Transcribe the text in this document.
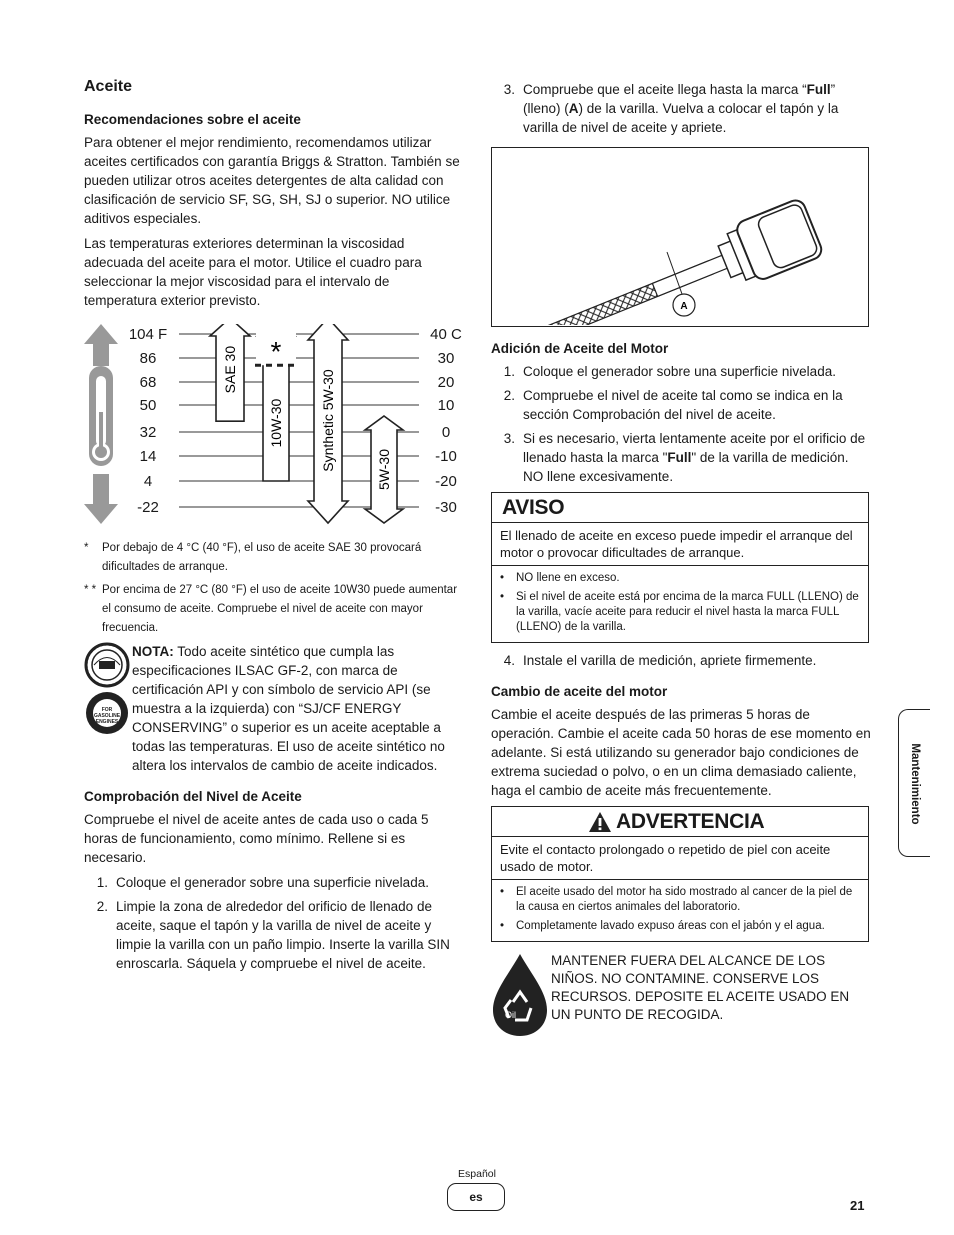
Aceite
Recomendaciones sobre el aceite

Para obtener el mejor rendimiento, recomendamos utilizar aceites certificados con garantía Briggs & Stratton. También se pueden utilizar otros aceites detergentes de alta calidad con clasificación de servicio SF, SG, SH, SJ o superior. NO utilice aditivos especiales.

Las temperaturas exteriores determinan la viscosidad adecuada del aceite para el motor. Utilice el cuadro para seleccionar la mejor viscosidad para el intervalo de temperatura exterior previsto.

104 F
86
68
50
32
14
4
-22
40 C
30
20
10
0
-10
-20
-30
SAE 30 *
10W-30	Synthetic 5W-30	5W-30
*	Por debajo de 4 °C (40 °F), el uso de aceite SAE 30 provocará dificultades de arranque.
* * Por encima de 27 °C (80 °F) el uso de aceite 10W30 puede aumentar el consumo de aceite. Compruebe el nivel de aceite con mayor frecuencia.
FOR
GASOLINE
ENGINES
NOTA: Todo aceite sintético que cumpla las especificaciones ILSAC GF-2, con marca de certificación API y con símbolo de servicio API (se muestra a la izquierda) con “SJ/CF ENERGY CONSERVING” o superior es un aceite aceptable a todas las temperaturas. El uso de aceite sintético no altera los intervalos de cambio de aceite indicados.
Comprobación del Nivel de Aceite

Compruebe el nivel de aceite antes de cada uso o cada 5 horas de funcionamiento, como mínimo. Rellene si es necesario.

1. Coloque el generador sobre una superficie nivelada.
2. Limpie la zona de alrededor del orificio de llenado de aceite, saque el tapón y la varilla de nivel de aceite y limpie la varilla con un paño limpio. Inserte la varilla SIN enroscarla. Sáquela y compruebe el nivel de aceite.
3. Compruebe que el aceite llega hasta la marca “Full” (lleno) (A) de la varilla. Vuelva a colocar el tapón y la varilla de nivel de aceite y apriete.
A
Adición de Aceite del Motor
1. Coloque el generador sobre una superficie nivelada.
2. Compruebe el nivel de aceite tal como se indica en la sección Comprobación del nivel de aceite.
3. Si es necesario, vierta lentamente aceite por el orificio de llenado hasta la marca "Full" de la varilla de medición. NO llene excesivamente.
AVISO
El llenado de aceite en exceso puede impedir el arranque del motor o provocar dificultades de arranque.
•	NO llene en exceso.
•	Si el nivel de aceite está por encima de la marca FULL (LLENO) de la varilla, vacíe aceite para reducir el nivel hasta la marca FULL (LLENO) de la varilla.
4. Instale el varilla de medición, apriete firmemente.
Cambio de aceite del motor

Cambie el aceite después de las primeras 5 horas de operación. Cambie el aceite cada 50 horas de ese momento en adelante. Si está utilizando su generador bajo condiciones de extrema suciedad o polvo, o en un clima demasiado caliente, haga el cambio de aceite más frecuentemente.

ADVERTENCIA
Evite el contacto prolongado o repetido de piel con aceite usado de motor.
•	El aceite usado del motor ha sido mostrado al cancer de la piel de la causa en ciertos animales del laboratorio.
•	Completamente lavado expuso áreas con el jabón y el agua.
Oil
MANTENER FUERA DEL ALCANCE DE LOS NIÑOS. NO CONTAMINE. CONSERVE LOS RECURSOS. DEPOSITE EL ACEITE USADO EN UN PUNTO DE RECOGIDA.
Mantenimiento
Español
es
21
